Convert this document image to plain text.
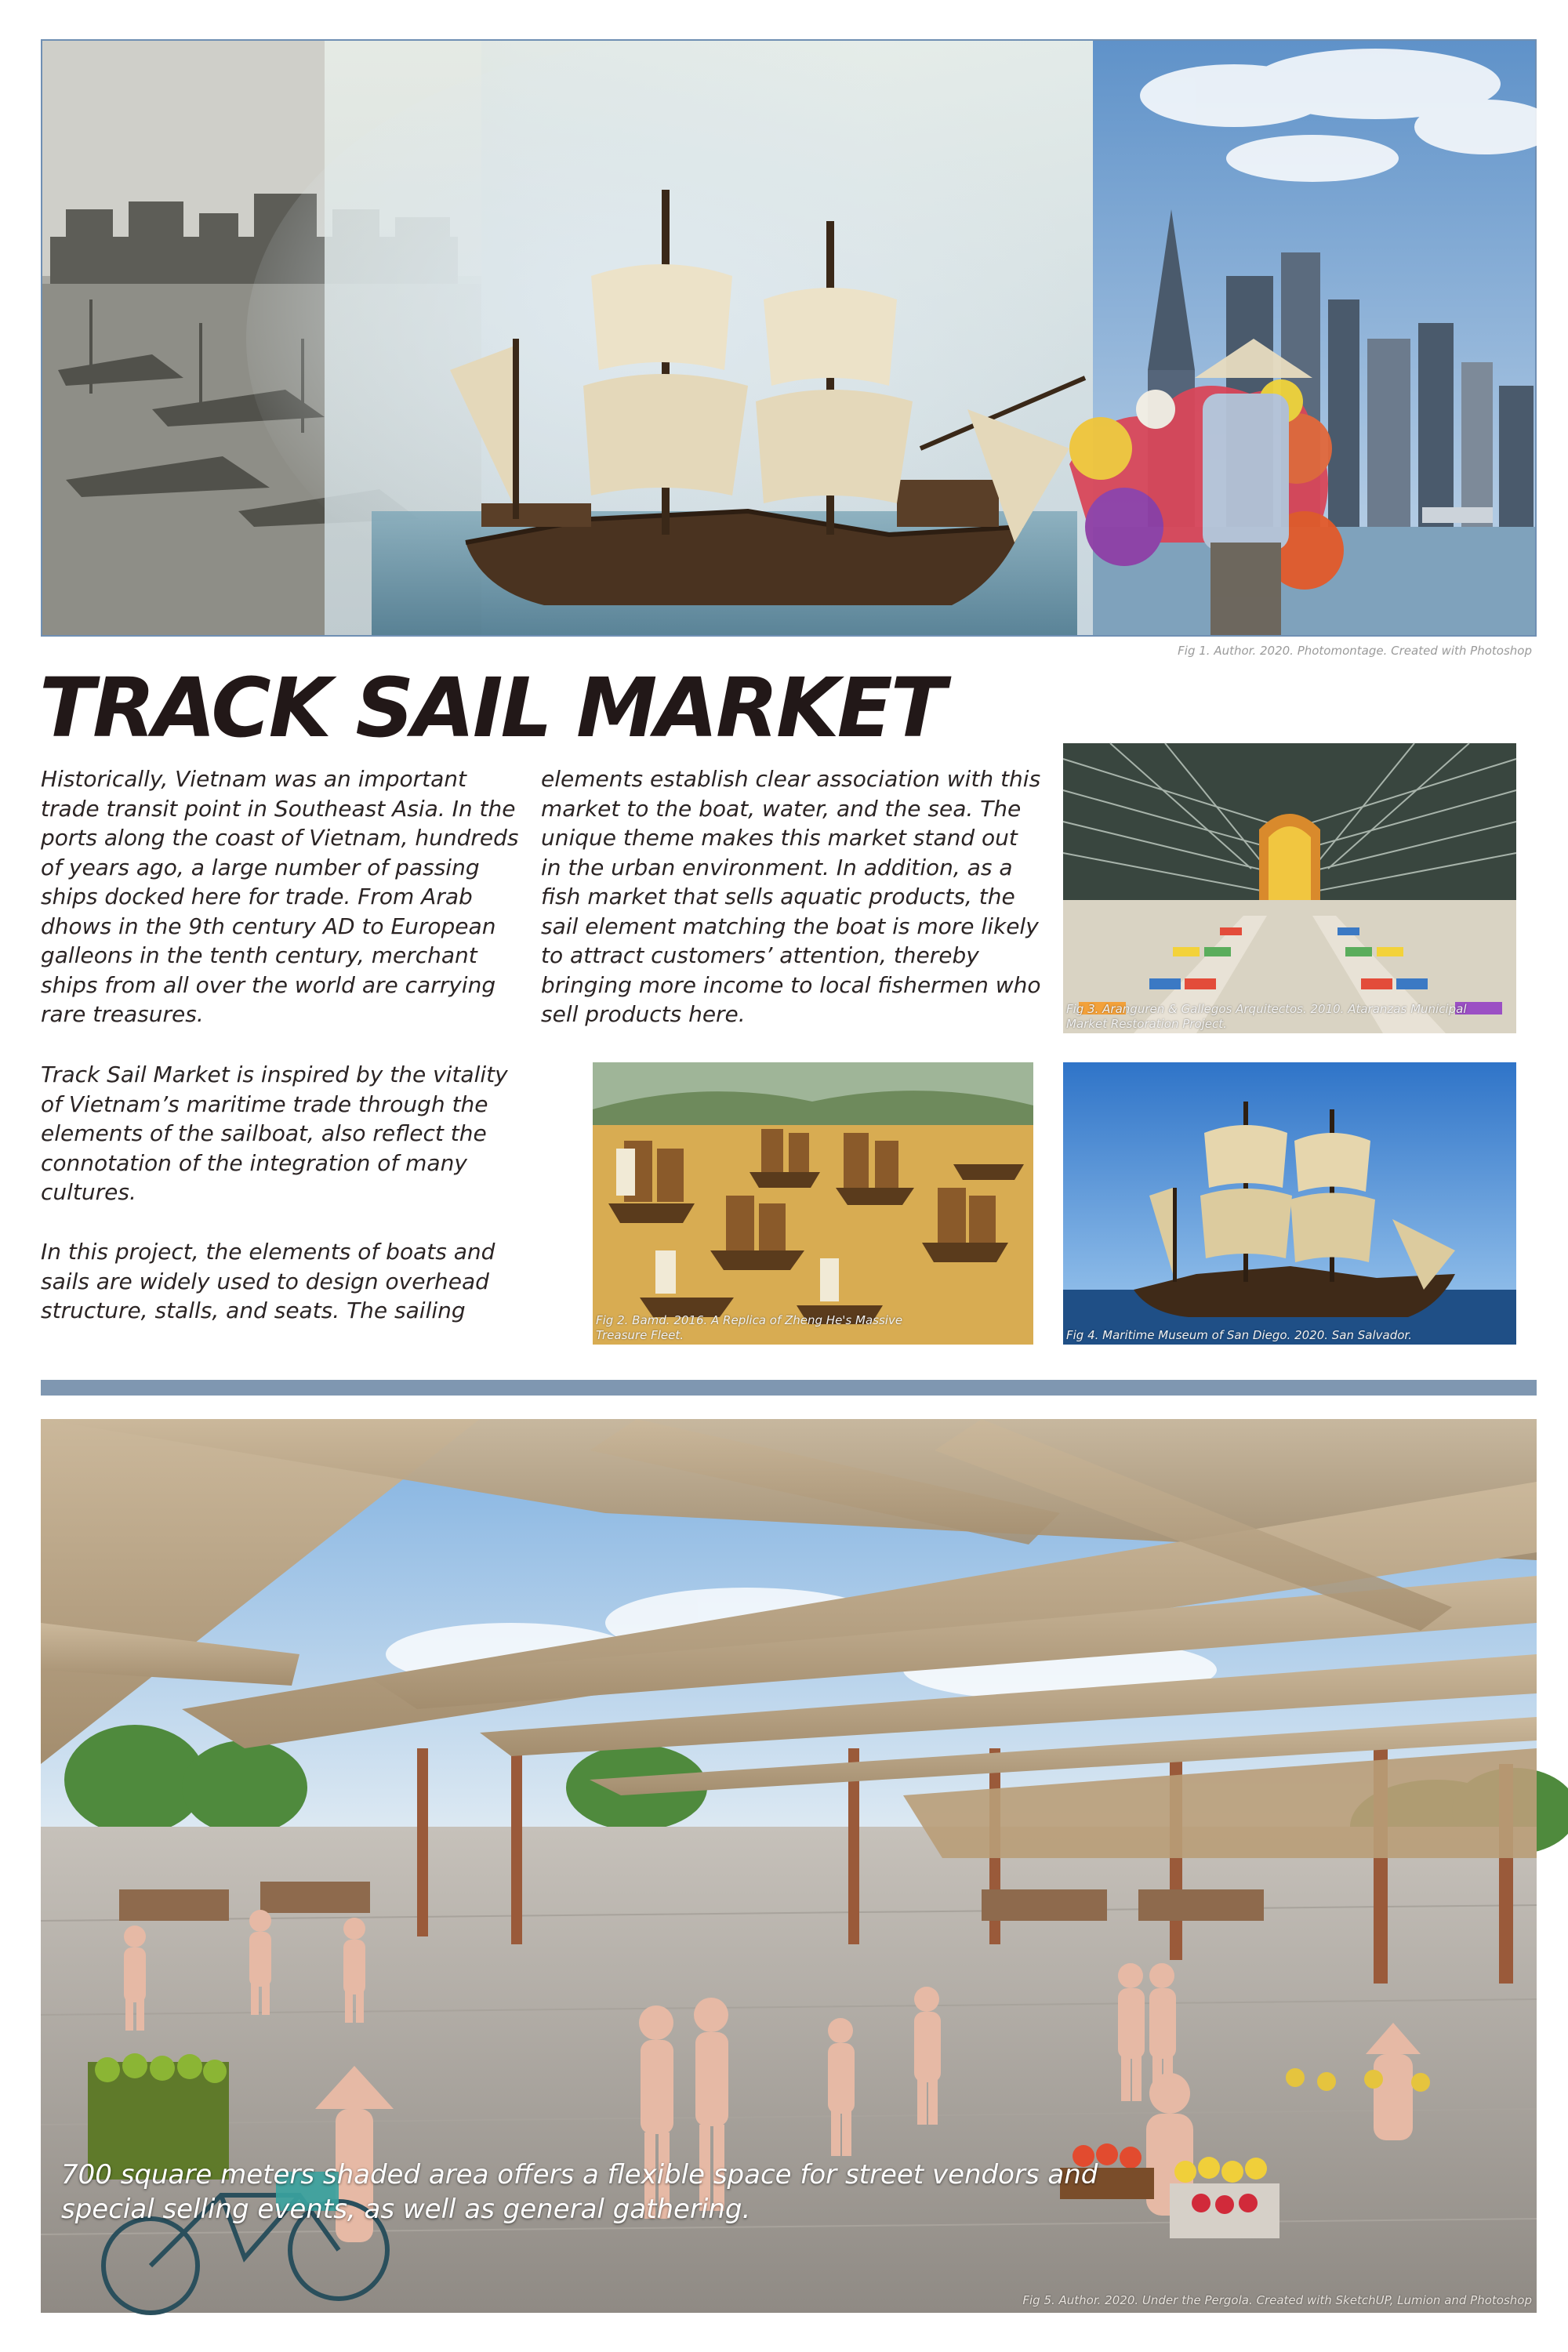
Fig 1. Author. 2020. Photomontage. Created with Photoshop
TRACK SAIL MARKET

Historically, Vietnam was an important trade transit point in Southeast Asia. In the ports along the coast of Vietnam, hundreds of years ago, a large number of passing ships docked here for trade. From Arab dhows in the 9th century AD to European galleons in the tenth century, merchant ships from all over the world are carrying rare treasures.

Track Sail Market is inspired by the vitality of Vietnam’s maritime trade through the elements of the sailboat, also reflect the connotation of the integration of many cultures.

In this project, the elements of boats and sails are widely used to design overhead structure, stalls, and seats. The sailing

elements establish clear association with this market to the boat, water, and the sea. The unique theme makes this market stand out in the urban environment. In addition, as a fish market that sells aquatic products, the sail element matching the boat is more likely to attract customers’ attention, thereby bringing more income to local fishermen who sell products here.	Fig 3. Aranguren & Gallegos Arquitectos. 2010. Ataranzas Municipal Market Restoration Project.
Fig 2. Bamd. 2016. A Replica of Zheng He's Massive Treasure Fleet.	Fig 4. Maritime Museum of San Diego. 2020. San Salvador.
700 square meters shaded area offers a flexible space for street vendors and
special selling events, as well as general gathering.
Fig 5. Author. 2020. Under the Pergola. Created with SketchUP, Lumion and Photoshop
